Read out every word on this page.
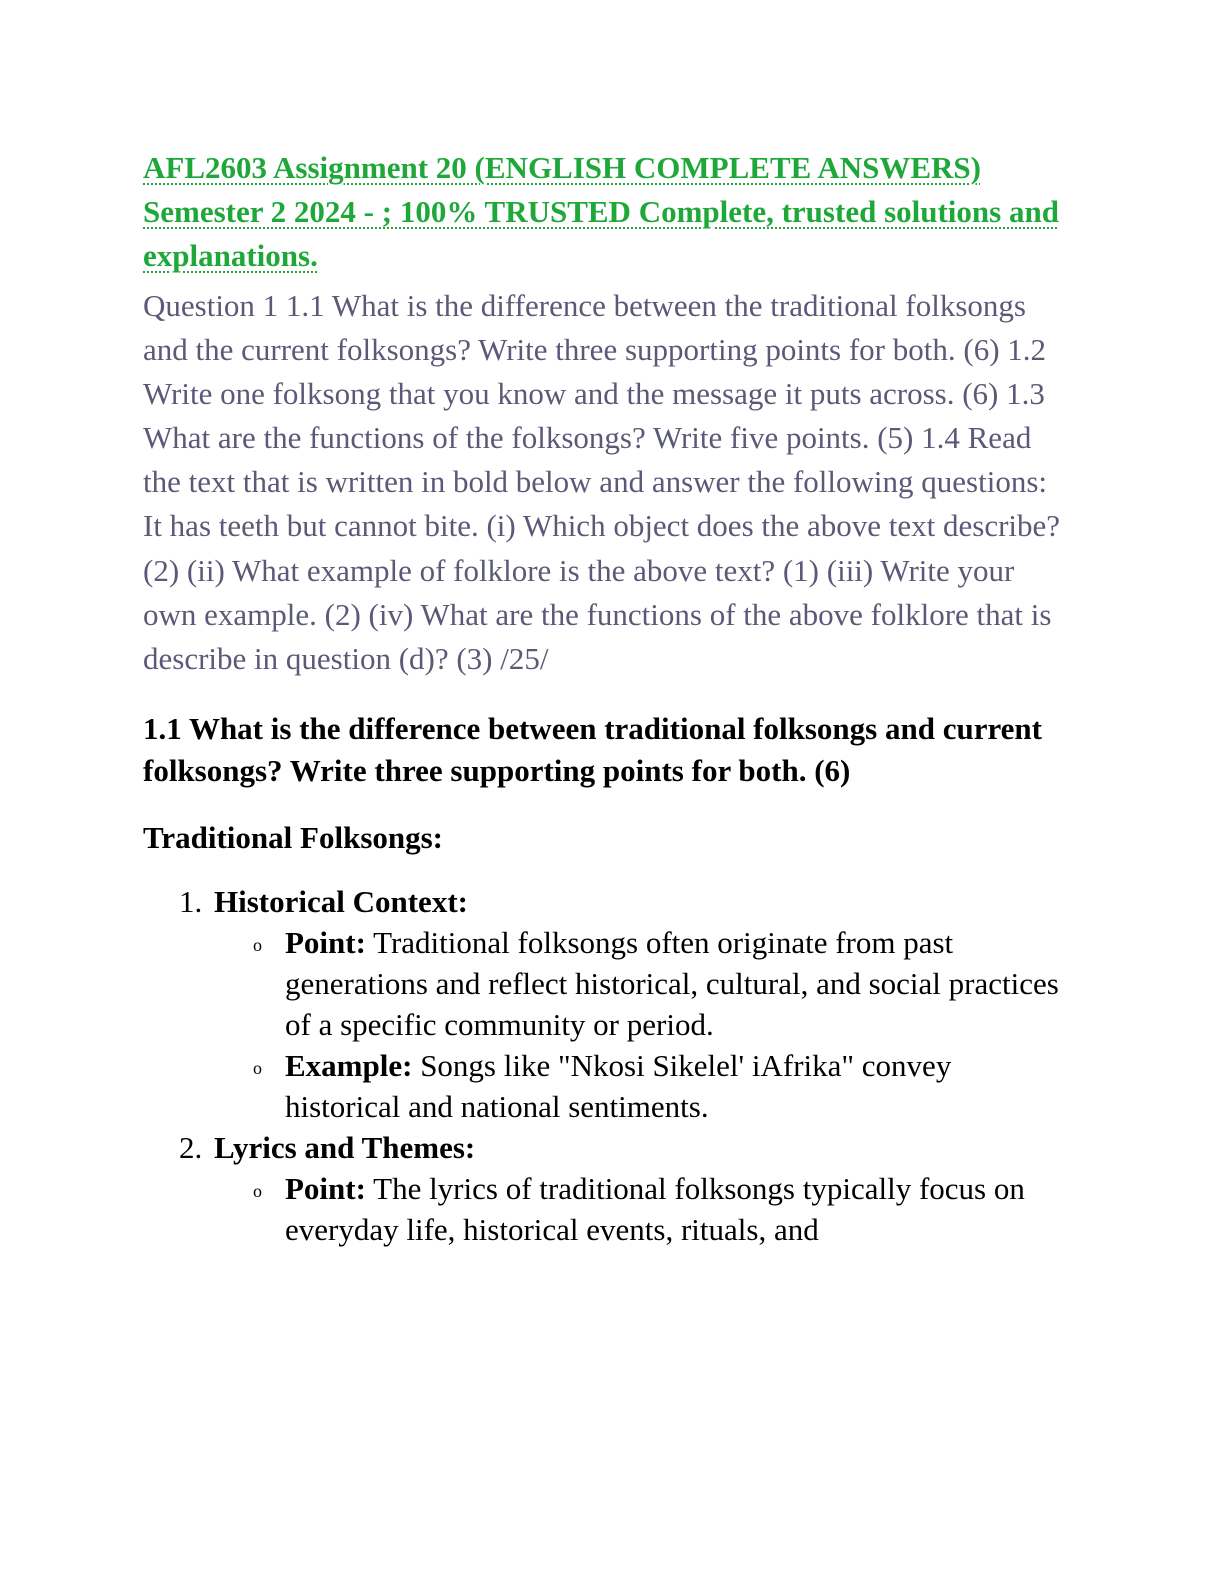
AFL2603 Assignment 20 (ENGLISH COMPLETE ANSWERS) Semester 2 2024 - ; 100% TRUSTED Complete, trusted solutions and explanations.

Question 1 1.1 What is the difference between the traditional folksongs and the current folksongs? Write three supporting points for both. (6) 1.2 Write one folksong that you know and the message it puts across. (6) 1.3 What are the functions of the folksongs? Write five points. (5) 1.4 Read the text that is written in bold below and answer the following questions: It has teeth but cannot bite. (i) Which object does the above text describe? (2) (ii) What example of folklore is the above text? (1) (iii) Write your own example. (2) (iv) What are the functions of the above folklore that is describe in question (d)? (3) /25/

1.1 What is the difference between traditional folksongs and current folksongs? Write three supporting points for both. (6)

Traditional Folksongs:

1. Historical Context:
o Point: Traditional folksongs often originate from past generations and reflect historical, cultural, and social practices of a specific community or period.
o Example: Songs like "Nkosi Sikelel' iAfrika" convey historical and national sentiments.
2. Lyrics and Themes:
o Point: The lyrics of traditional folksongs typically focus on everyday life, historical events, rituals, and
